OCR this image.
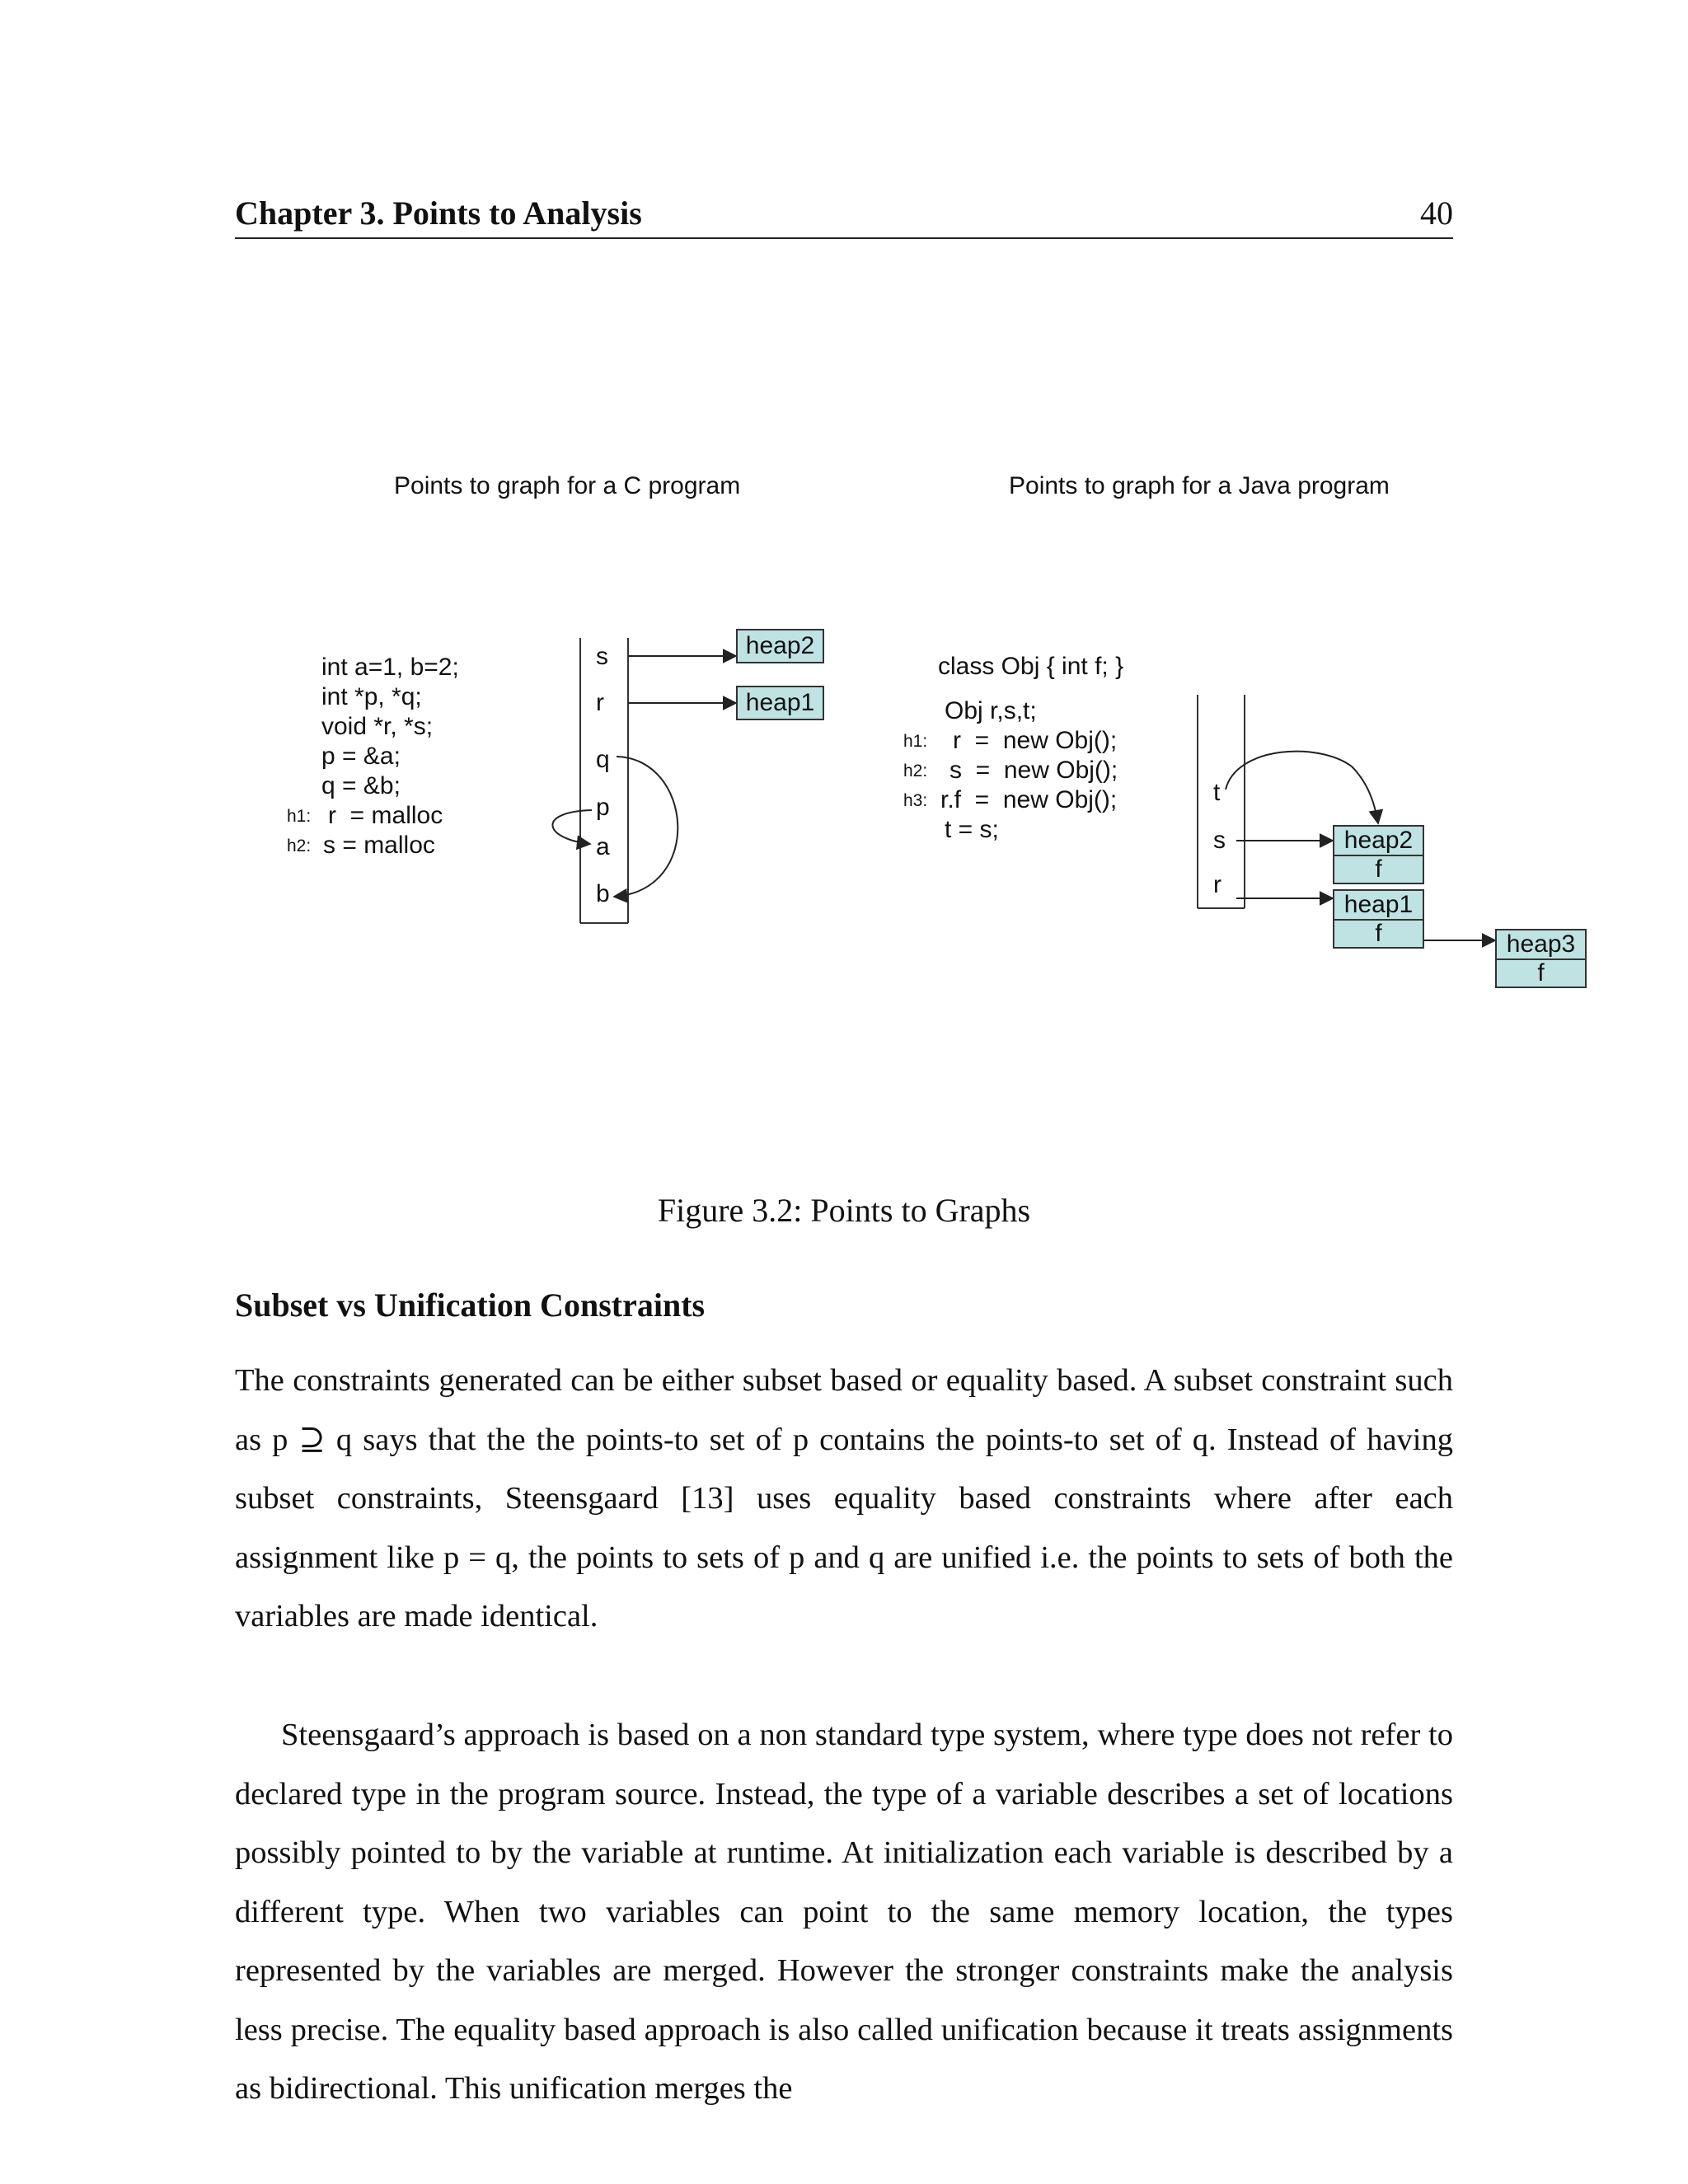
Chapter 3. Points to Analysis	40
Points to graph for a C program	Points to graph for a Java program
int a=1, b=2;
int *p, *q;
void *r, *s;
p = &a;
q = &b;
r  = malloc
s = malloc
h1:
h2:
s
r
q
p
a
b
heap2
heap1
class Obj { int f; }
Obj r,s,t;
r  =  new Obj();
s  =  new Obj();
r.f  =  new Obj();
t = s;
h1:
h2:
h3:	t
s
r
heap2
f
heap1
f	heap3
f
Figure 3.2: Points to Graphs
Subset vs Unification Constraints
The constraints generated can be either subset based or equality based. A subset constraint such as p ⊇ q says that the the points-to set of p contains the points-to set of q. Instead of having subset constraints, Steensgaard [13] uses equality based constraints where after each assignment like p = q, the points to sets of p and q are unified i.e. the points to sets of both the variables are made identical.
Steensgaard’s approach is based on a non standard type system, where type does not refer to declared type in the program source. Instead, the type of a variable describes a set of locations possibly pointed to by the variable at runtime. At initialization each variable is described by a different type. When two variables can point to the same memory location, the types represented by the variables are merged. However the stronger constraints make the analysis less precise. The equality based approach is also called unification because it treats assignments as bidirectional. This unification merges the
